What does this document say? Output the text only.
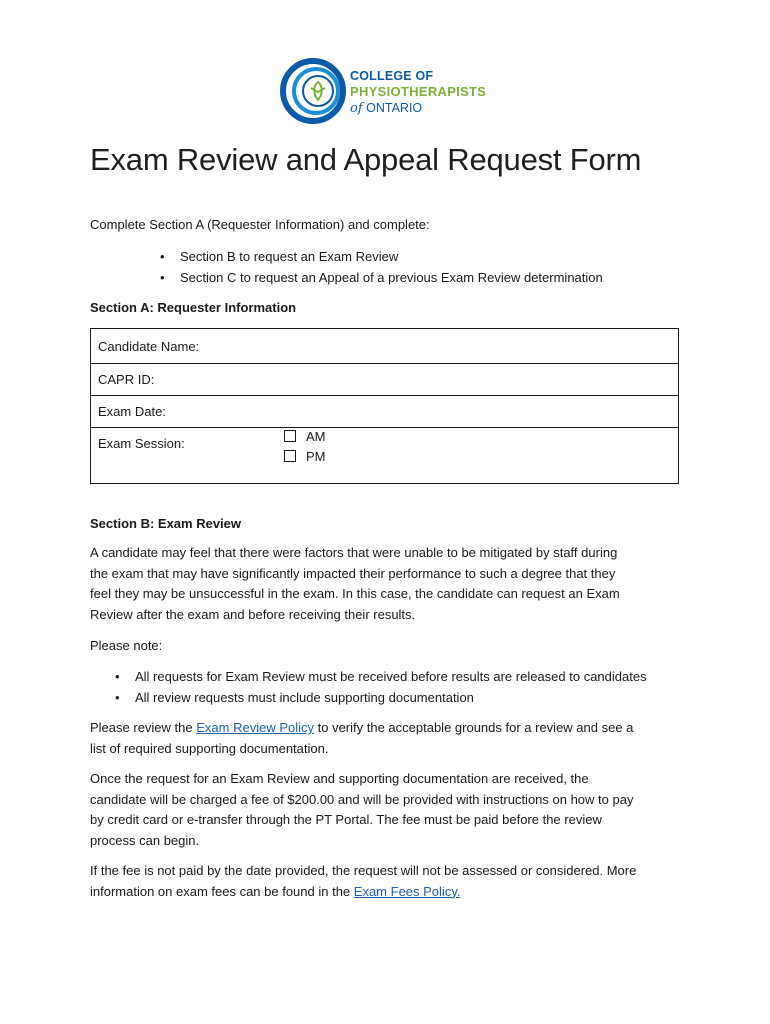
COLLEGE OF
PHYSIOTHERAPISTS
of ONTARIO
Exam Review and Appeal Request Form

Complete Section A (Requester Information) and complete:

• Section B to request an Exam Review
• Section C to request an Appeal of a previous Exam Review determination

Section A: Requester Information

Candidate Name:
CAPR ID:
Exam Date:
Exam Session:	AM
PM

Section B: Exam Review

A candidate may feel that there were factors that were unable to be mitigated by staff during
the exam that may have significantly impacted their performance to such a degree that they
feel they may be unsuccessful in the exam. In this case, the candidate can request an Exam
Review after the exam and before receiving their results.

Please note:

• All requests for Exam Review must be received before results are released to candidates
• All review requests must include supporting documentation
Please review the Exam Review Policy to verify the acceptable grounds for a review and see a
list of required supporting documentation.
Once the request for an Exam Review and supporting documentation are received, the
candidate will be charged a fee of $200.00 and will be provided with instructions on how to pay
by credit card or e-transfer through the PT Portal. The fee must be paid before the review
process can begin.
If the fee is not paid by the date provided, the request will not be assessed or considered. More
information on exam fees can be found in the Exam Fees Policy.
